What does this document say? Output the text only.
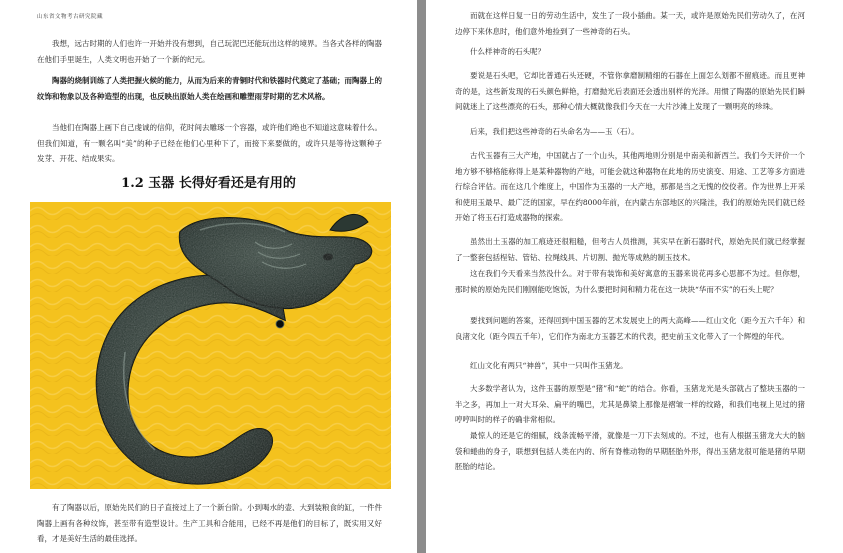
山东省文物考古研究院藏

我想，远古时期的人们也许一开始并没有想到，自己玩泥巴还能玩出这样的境界。当各式各样的陶器在他们手里诞生，人类文明也开始了一个新的纪元。

陶器的烧制训练了人类把握火候的能力，从而为后来的青铜时代和铁器时代奠定了基础；而陶器上的纹饰和物象以及各种造型的出现，也反映出原始人类在绘画和雕塑雨芽时期的艺术风格。

当他们在陶器上画下自己虔诚的信仰，花时间去雕琢一个容器，或许他们绝也不知道这意味着什么。但我们知道，有一颗名叫“美”的种子已经在他们心里种下了，而接下来要做的，或许只是等待这颗种子发芽、开花、结成果实。

1.2 玉器 长得好看还是有用的

有了陶器以后，原始先民们的日子直接过上了一个新台阶。小到喝水的壶、大到装粮食的缸，一件件陶器上画有各种纹饰，甚至带有造型设计。生产工具和合能用，已经不再是他们的目标了，既实用又好看，才是美好生活的最佳选择。

而就在这样日复一日的劳动生活中，发生了一段小插曲。某一天，或许是原始先民们劳动久了，在河边停下来休息时，他们意外地捡到了一些神奇的石头。

什么样神奇的石头呢？

要说是石头吧，它却比普通石头还硬，不管你拿磨制精细的石器在上面怎么划都不留痕迹。而且更神奇的是，这些新发现的石头颜色鲜艳，打磨抛光后表面还会透出别样的光泽。用惯了陶器的原始先民们瞬间就迷上了这些漂亮的石头，那种心情大概就像我们今天在一大片沙滩上发现了一颗明亮的珍珠。

后来，我们把这些神奇的石头命名为——玉（石）。

古代玉器有三大产地，中国就占了一个山头，其他两地则分别是中南美和新西兰。我们今天评价一个地方够不够格能称得上是某种器物的产地，可能会就这种器物在此地的历史演变、用途、工艺等多方面进行综合评估。而在这几个维度上，中国作为玉器的一大产地，那都是当之无愧的佼佼者。作为世界上开采和使用玉最早、最广泛的国家，早在约8000年前，在内蒙古东部地区的兴隆洼，我们的原始先民们就已经开始了将玉石打造成器物的探索。

虽然出土玉器的加工痕迹还很粗糙，但考古人员推测，其实早在新石器时代，原始先民们就已经掌握了一整套包括桯钻、管钻、拉绳线具、片切割、抛光等成熟的制玉技术。

这在我们今天看来当然没什么。对于带有装饰和美好寓意的玉器来说花再多心思都不为过。但你想，那时候的原始先民们刚刚能吃饱饭，为什么要把时间和精力花在这一块块“华而不实”的石头上呢？

要找到问题的答案，还得回到中国玉器的艺术发展史上的两大高峰——红山文化（距今五六千年）和良渚文化（距今四五千年），它们作为南北方玉器艺术的代表，把史前玉文化带入了一个辉煌的年代。

红山文化有两只“神兽”，其中一只叫作玉猪龙。

大多数学者认为，这件玉器的原型是“猪”和“蛇”的结合。你看，玉猪龙光是头部就占了整块玉器的一半之多，再加上一对大耳朵、扁平的嘴巴，尤其是鼻梁上那像是褶皱一样的纹路，和我们电视上见过的猪哼哼叫时的样子的确非常相似。

最惊人的还是它的细腻，线条流畅平滑，就像是一刀下去刻成的。不过，也有人根据玉猪龙大大的脑袋和蜷曲的身子，联想到包括人类在内的、所有脊椎动物的早期胚胎外形，得出玉猪龙很可能是猪的早期胚胎的结论。
